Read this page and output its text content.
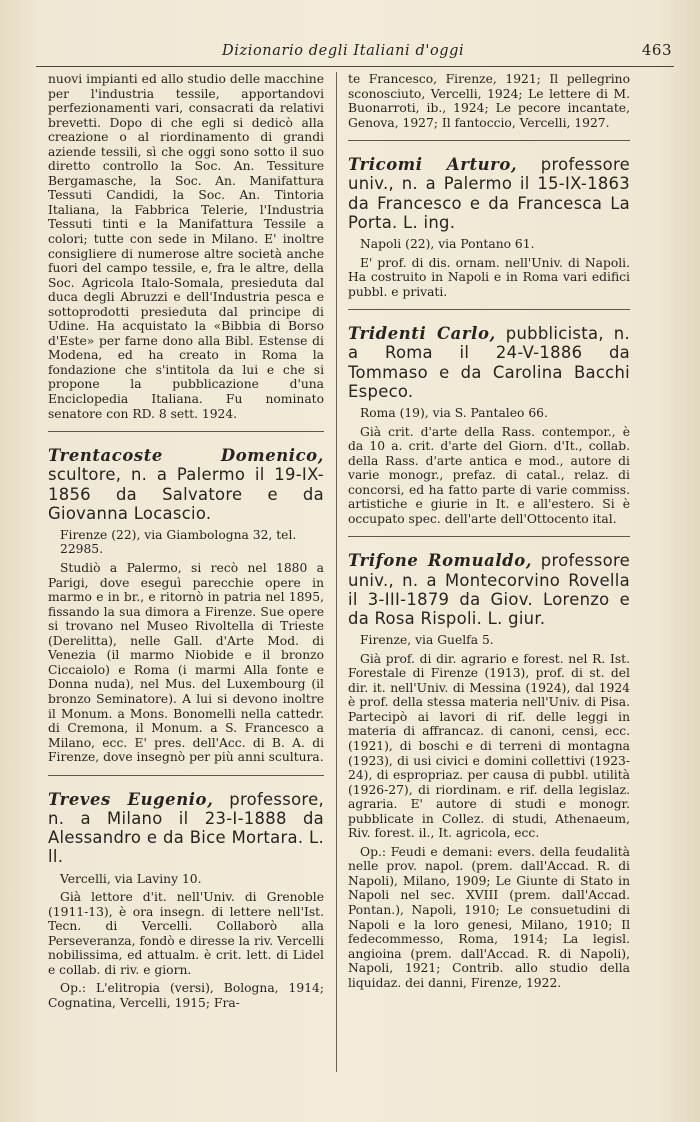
Dizionario degli Italiani d'oggi	463

nuovi impianti ed allo studio delle macchine per l'industria tessile, apportandovi perfezionamenti vari, consacrati da relativi brevetti. Dopo di che egli si dedicò alla creazione o al riordinamento di grandi aziende tessili, sì che oggi sono sotto il suo diretto controllo la Soc. An. Tessiture Bergamasche, la Soc. An. Manifattura Tessuti Candidi, la Soc. An. Tintoria Italiana, la Fabbrica Telerie, l'Industria Tessuti tinti e la Manifattura Tessile a colori; tutte con sede in Milano. E' inoltre consigliere di numerose altre società anche fuori del campo tessile, e, fra le altre, della Soc. Agricola Italo-Somala, presieduta dal duca degli Abruzzi e dell'Industria pesca e sottoprodotti presieduta dal principe di Udine. Ha acquistato la «Bibbia di Borso d'Este» per farne dono alla Bibl. Estense di Modena, ed ha creato in Roma la fondazione che s'intitola da lui e che si propone la pubblicazione d'una Enciclopedia Italiana. Fu nominato senatore con RD. 8 sett. 1924.

Trentacoste Domenico, scultore, n. a Palermo il 19-IX-1856 da Salvatore e da Giovanna Locascio.

Firenze (22), via Giambologna 32, tel. 22985.

Studiò a Palermo, si recò nel 1880 a Parigi, dove eseguì parecchie opere in marmo e in br., e ritornò in patria nel 1895, fissando la sua dimora a Firenze. Sue opere si trovano nel Museo Rivoltella di Trieste (Derelitta), nelle Gall. d'Arte Mod. di Venezia (il marmo Niobide e il bronzo Ciccaiolo) e Roma (i marmi Alla fonte e Donna nuda), nel Mus. del Luxembourg (il bronzo Seminatore). A lui si devono inoltre il Monum. a Mons. Bonomelli nella cattedr. di Cremona, il Monum. a S. Francesco a Milano, ecc. E' pres. dell'Acc. di B. A. di Firenze, dove insegnò per più anni scultura.

Treves Eugenio, professore, n. a Milano il 23-I-1888 da Alessandro e da Bice Mortara. L. ll.

Vercelli, via Laviny 10.

Già lettore d'it. nell'Univ. di Grenoble (1911-13), è ora insegn. di lettere nell'Ist. Tecn. di Vercelli. Collaborò alla Perseveranza, fondò e diresse la riv. Vercelli nobilissima, ed attualm. è crit. lett. di Lidel e collab. di riv. e giorn.

Op.: L'elitropia (versi), Bologna, 1914; Cognatina, Vercelli, 1915; Fra-

te Francesco, Firenze, 1921; Il pellegrino sconosciuto, Vercelli, 1924; Le lettere di M. Buonarroti, ib., 1924; Le pecore incantate, Genova, 1927; Il fantoccio, Vercelli, 1927.

Tricomi Arturo, professore univ., n. a Palermo il 15-IX-1863 da Francesco e da Francesca La Porta. L. ing.

Napoli (22), via Pontano 61.

E' prof. di dis. ornam. nell'Univ. di Napoli. Ha costruito in Napoli e in Roma vari edifici pubbl. e privati.

Tridenti Carlo, pubblicista, n. a Roma il 24-V-1886 da Tommaso e da Carolina Bacchi Especo.

Roma (19), via S. Pantaleo 66.

Già crit. d'arte della Rass. contempor., è da 10 a. crit. d'arte del Giorn. d'It., collab. della Rass. d'arte antica e mod., autore di varie monogr., prefaz. di catal., relaz. di concorsi, ed ha fatto parte di varie commiss. artistiche e giurie in It. e all'estero. Si è occupato spec. dell'arte dell'Ottocento ital.

Trifone Romualdo, professore univ., n. a Montecorvino Rovella il 3-III-1879 da Giov. Lorenzo e da Rosa Rispoli. L. giur.

Firenze, via Guelfa 5.

Già prof. di dir. agrario e forest. nel R. Ist. Forestale di Firenze (1913), prof. di st. del dir. it. nell'Univ. di Messina (1924), dal 1924 è prof. della stessa materia nell'Univ. di Pisa. Partecipò ai lavori di rif. delle leggi in materia di affrancaz. di canoni, censi, ecc. (1921), di boschi e di terreni di montagna (1923), di usi civici e domini collettivi (1923-24), di espropriaz. per causa di pubbl. utilità (1926-27), di riordinam. e rif. della legislaz. agraria. E' autore di studi e monogr. pubblicate in Collez. di studi, Athenaeum, Riv. forest. il., It. agricola, ecc.

Op.: Feudi e demani: evers. della feudalità nelle prov. napol. (prem. dall'Accad. R. di Napoli), Milano, 1909; Le Giunte di Stato in Napoli nel sec. XVIII (prem. dall'Accad. Pontan.), Napoli, 1910; Le consuetudini di Napoli e la loro genesi, Milano, 1910; Il fedecommesso, Roma, 1914; La legisl. angioina (prem. dall'Accad. R. di Napoli), Napoli, 1921; Contrib. allo studio della liquidaz. dei danni, Firenze, 1922.
